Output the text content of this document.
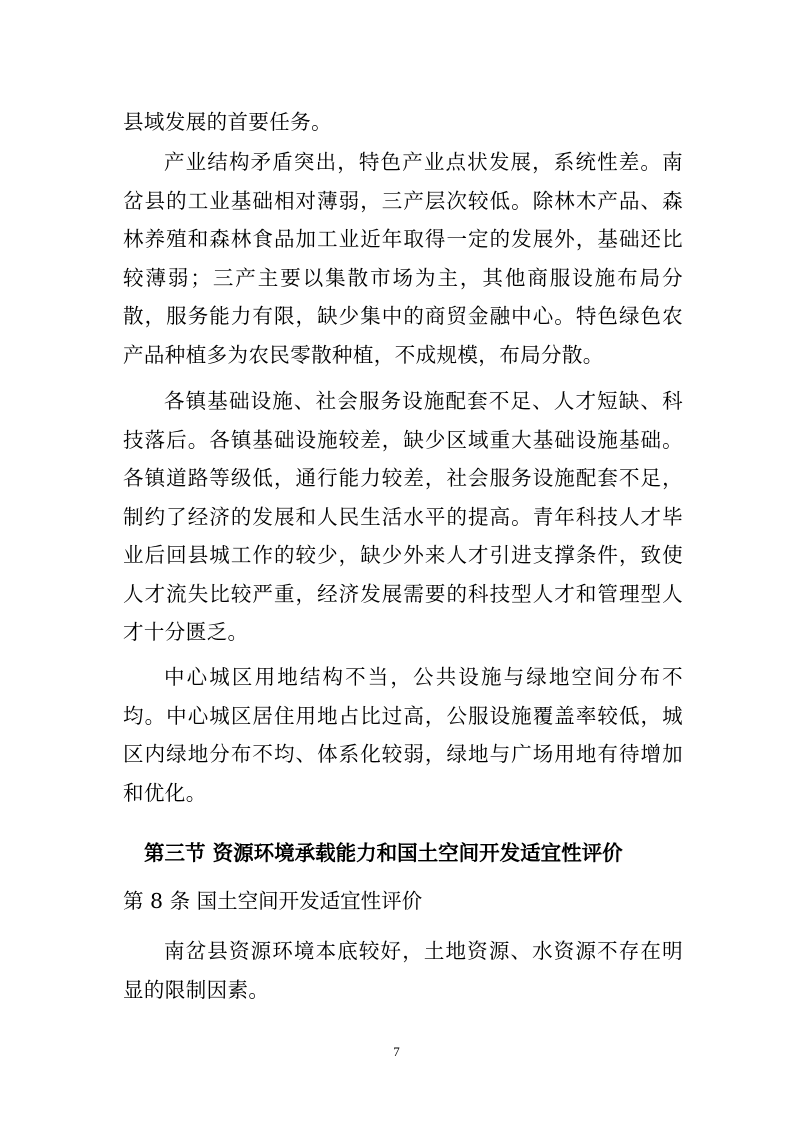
县域发展的首要任务。

产业结构矛盾突出，特色产业点状发展，系统性差。南岔县的工业基础相对薄弱，三产层次较低。除林木产品、森林养殖和森林食品加工业近年取得一定的发展外，基础还比较薄弱；三产主要以集散市场为主，其他商服设施布局分散，服务能力有限，缺少集中的商贸金融中心。特色绿色农产品种植多为农民零散种植，不成规模，布局分散。

各镇基础设施、社会服务设施配套不足、人才短缺、科技落后。各镇基础设施较差，缺少区域重大基础设施基础。各镇道路等级低，通行能力较差，社会服务设施配套不足，制约了经济的发展和人民生活水平的提高。青年科技人才毕业后回县城工作的较少，缺少外来人才引进支撑条件，致使人才流失比较严重，经济发展需要的科技型人才和管理型人才十分匮乏。

中心城区用地结构不当，公共设施与绿地空间分布不均。中心城区居住用地占比过高，公服设施覆盖率较低，城区内绿地分布不均、体系化较弱，绿地与广场用地有待增加和优化。

第三节 资源环境承载能力和国土空间开发适宜性评价

第 8 条 国土空间开发适宜性评价

南岔县资源环境本底较好，土地资源、水资源不存在明显的限制因素。

7
